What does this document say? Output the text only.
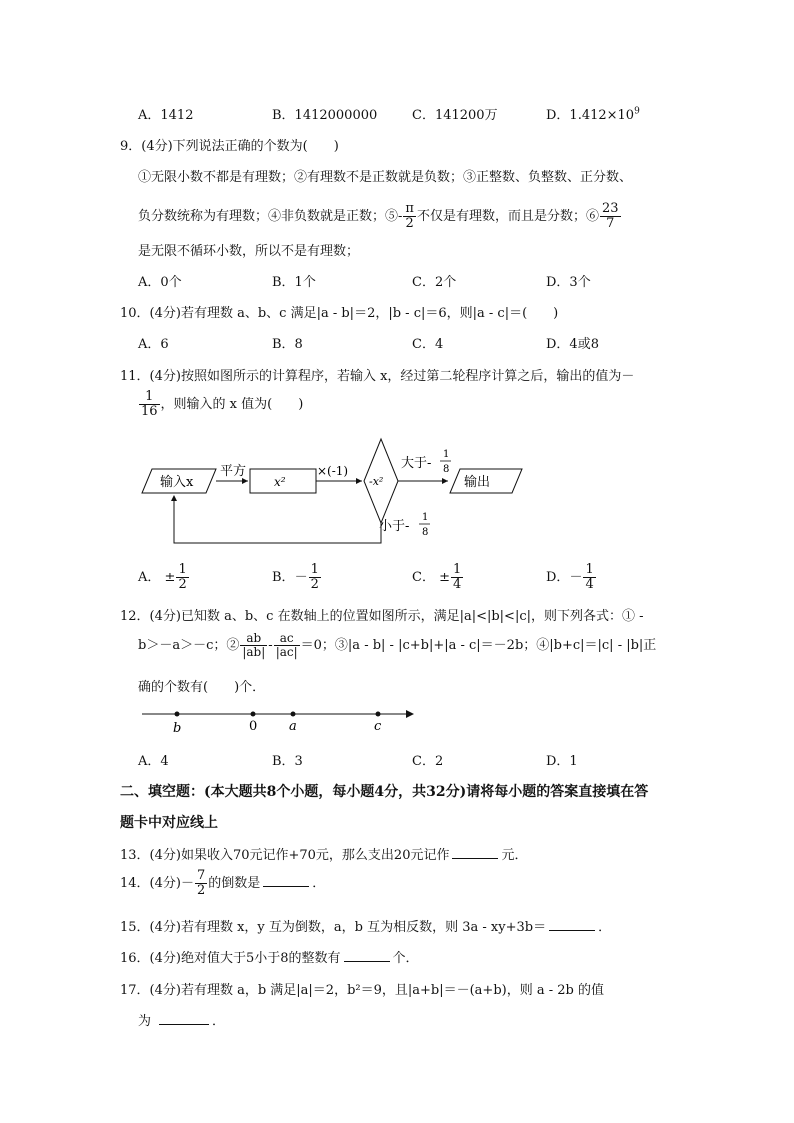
A．1412	B．1412000000	C．141200万	D．$1.412\times 10^9$
9．(4分)下列说法正确的个数为(　　)
①无限小数不都是有理数；②有理数不是正数就是负数；③正整数、负整数、正分数、
负分数统称为有理数；④非负数就是正数；⑤- $\frac{\pi}{2}$ 不仅是有理数，而且是分数；⑥ $\frac{23}{7}$
是无限不循环小数，所以不是有理数；
A．0个	B．1个	C．2个	D．3个
10．(4分)若有理数 a、b、c 满足|a - b|＝2，|b - c|＝6，则|a - c|＝(　　)
A．6	B．8	C．4	D．4或8
11．(4分)按照如图所示的计算程序，若输入 x，经过第二轮程序计算之后，输出的值为－
$\frac{1}{16}$ ，则输入的 x 值为(　　)
输入x
平方
x²
×(-1)
-x²
大于-
1
8
输出
小于-
1
8
A． ± $\frac{1}{2}$	B．－ $\frac{1}{2}$	C． ± $\frac{1}{4}$	D．－ $\frac{1}{4}$
12．(4分)已知数 a、b、c 在数轴上的位置如图所示，满足|a|<|b|<|c|，则下列各式：① -
b＞－a＞－c；② $\frac{ab}{|ab|} - \frac{ac}{|ac|} =0$；③|a - b| - |c+b|+|a - c|＝－2b；④|b+c|＝|c| - |b|正
确的个数有(　　)个．
b	0 a	c
A．4	B．3	C．2	D．1
二、填空题：(本大题共8个小题，每小题4分，共32分)请将每小题的答案直接填在答
题卡中对应线上
13．(4分)如果收入70元记作+70元，那么支出20元记作	元．
14．(4分)－ $\frac{7}{2}$ 的倒数是	．
15．(4分)若有理数 x，y 互为倒数，a，b 互为相反数，则 3a - xy+3b＝	．
16．(4分)绝对值大于5小于8的整数有	个．
17．(4分)若有理数 a，b 满足|a|＝2，b²＝9，且|a+b|＝－(a+b)，则 a - 2b 的值
为	．
